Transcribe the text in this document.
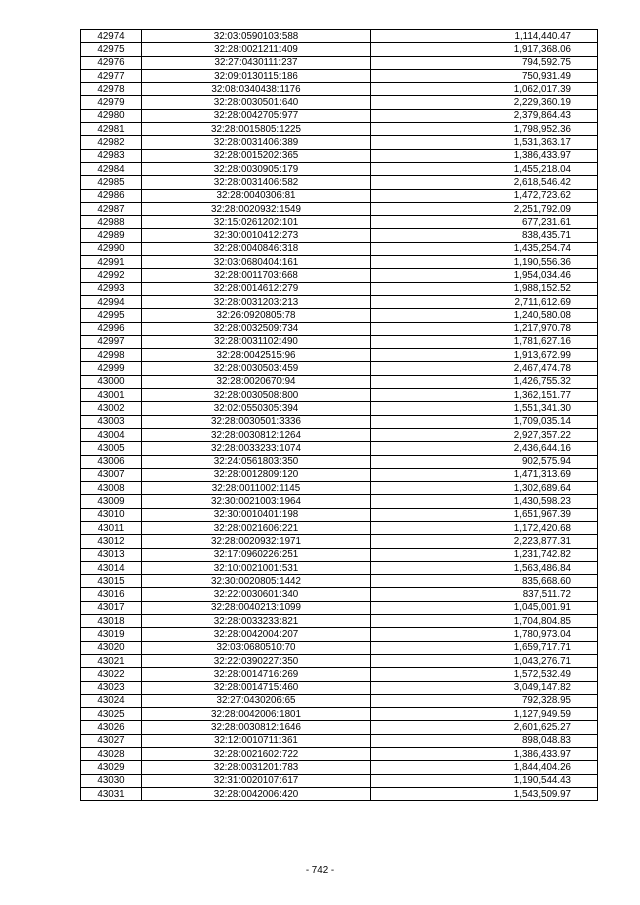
42974	32:03:0590103:588	1,114,440.47
42975	32:28:0021211:409	1,917,368.06
42976	32:27:0430111:237	794,592.75
42977	32:09:0130115:186	750,931.49
42978	32:08:0340438:1176	1,062,017.39
42979	32:28:0030501:640	2,229,360.19
42980	32:28:0042705:977	2,379,864.43
42981	32:28:0015805:1225	1,798,952.36
42982	32:28:0031406:389	1,531,363.17
42983	32:28:0015202:365	1,386,433.97
42984	32:28:0030905:179	1,455,218.04
42985	32:28:0031406:582	2,618,546.42
42986	32:28:0040306:81	1,472,723.62
42987	32:28:0020932:1549	2,251,792.09
42988	32:15:0261202:101	677,231.61
42989	32:30:0010412:273	838,435.71
42990	32:28:0040846:318	1,435,254.74
42991	32:03:0680404:161	1,190,556.36
42992	32:28:0011703:668	1,954,034.46
42993	32:28:0014612:279	1,988,152.52
42994	32:28:0031203:213	2,711,612.69
42995	32:26:0920805:78	1,240,580.08
42996	32:28:0032509:734	1,217,970.78
42997	32:28:0031102:490	1,781,627.16
42998	32:28:0042515:96	1,913,672.99
42999	32:28:0030503:459	2,467,474.78
43000	32:28:0020670:94	1,426,755.32
43001	32:28:0030508:800	1,362,151.77
43002	32:02:0550305:394	1,551,341.30
43003	32:28:0030501:3336	1,709,035.14
43004	32:28:0030812:1264	2,927,357.22
43005	32:28:0033233:1074	2,436,644.16
43006	32:24:0561803:350	902,575.94
43007	32:28:0012809:120	1,471,313.69
43008	32:28:0011002:1145	1,302,689.64
43009	32:30:0021003:1964	1,430,598.23
43010	32:30:0010401:198	1,651,967.39
43011	32:28:0021606:221	1,172,420.68
43012	32:28:0020932:1971	2,223,877.31
43013	32:17:0960226:251	1,231,742.82
43014	32:10:0021001:531	1,563,486.84
43015	32:30:0020805:1442	835,668.60
43016	32:22:0030601:340	837,511.72
43017	32:28:0040213:1099	1,045,001.91
43018	32:28:0033233:821	1,704,804.85
43019	32:28:0042004:207	1,780,973.04
43020	32:03:0680510:70	1,659,717.71
43021	32:22:0390227:350	1,043,276.71
43022	32:28:0014716:269	1,572,532.49
43023	32:28:0014715:460	3,049,147.82
43024	32:27:0430206:65	792,328.95
43025	32:28:0042006:1801	1,127,949.59
43026	32:28:0030812:1646	2,601,625.27
43027	32:12:0010711:361	898,048.83
43028	32:28:0021602:722	1,386,433.97
43029	32:28:0031201:783	1,844,404.26
43030	32:31:0020107:617	1,190,544.43
43031	32:28:0042006:420	1,543,509.97
- 742 -
